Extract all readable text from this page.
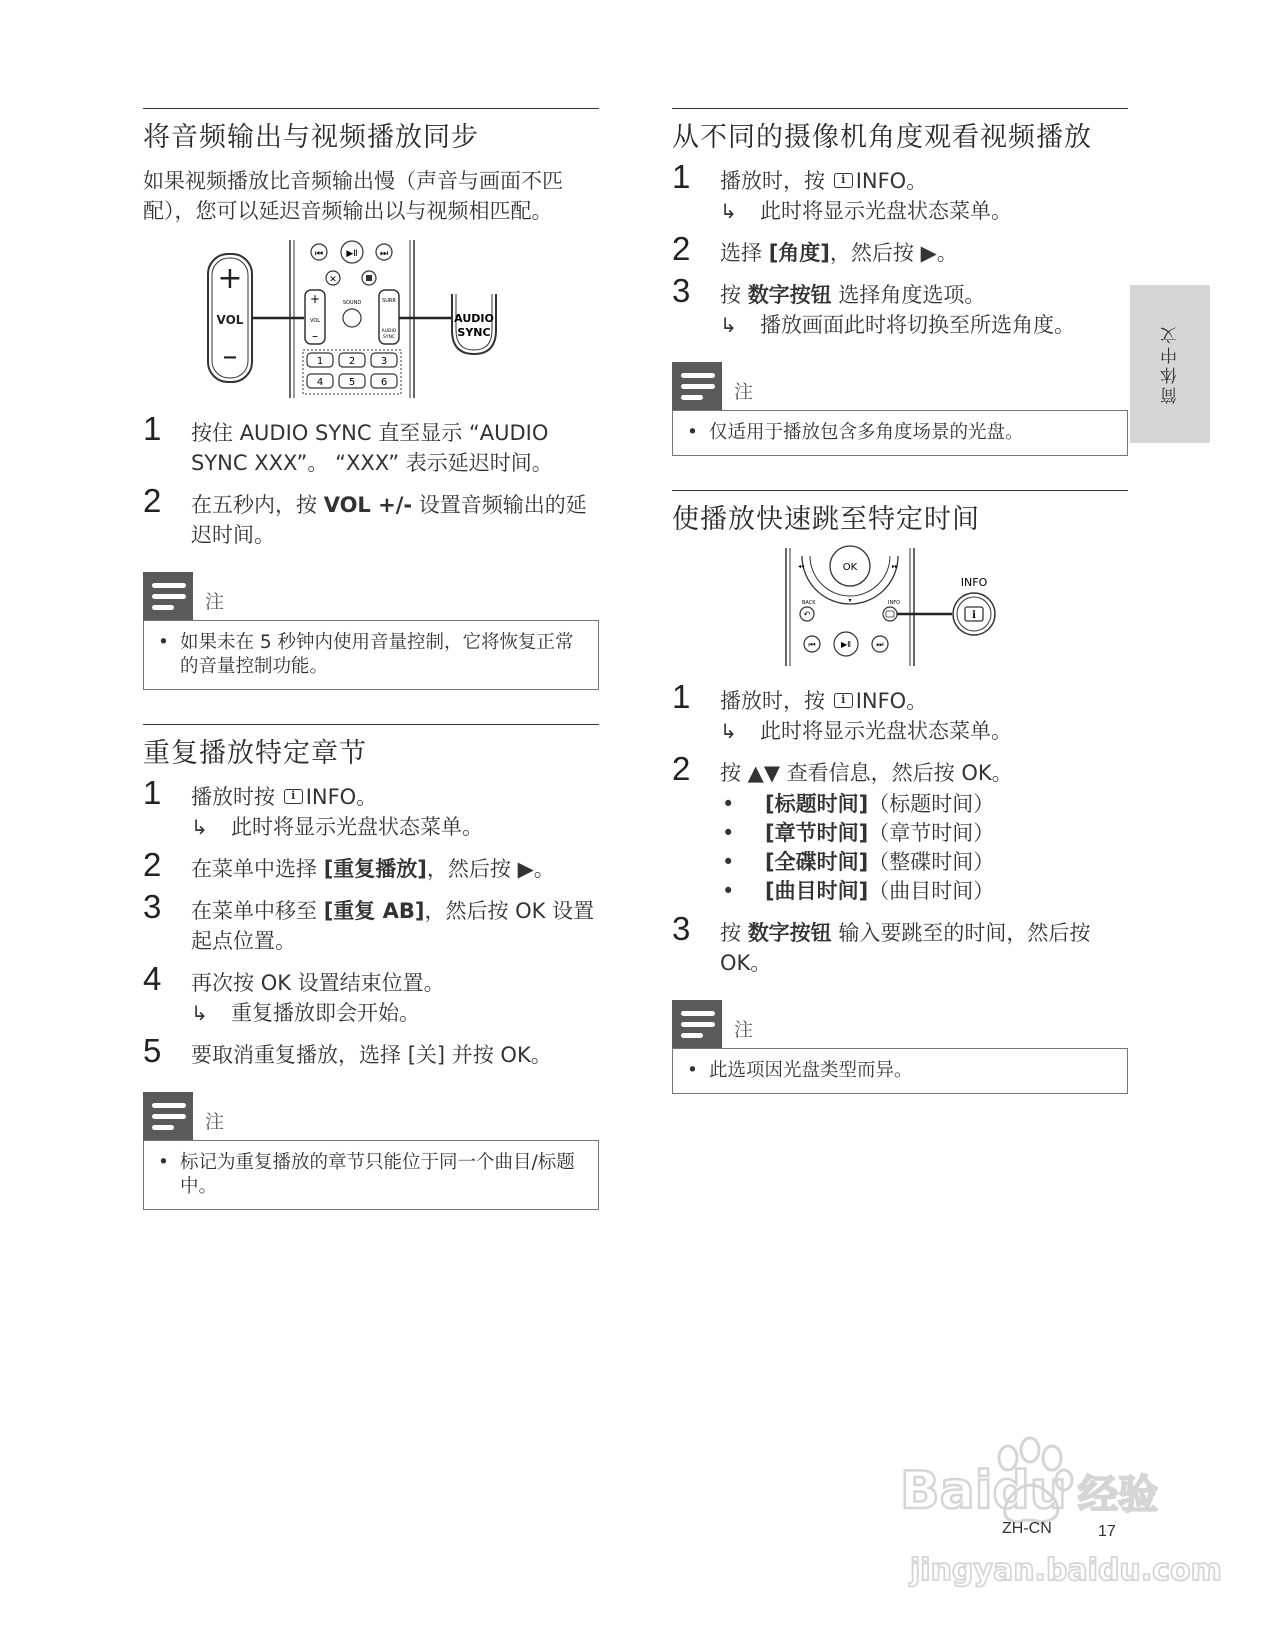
将音频输出与视频播放同步

如果视频播放比音频输出慢（声音与画面不匹配），您可以延迟音频输出以与视频相匹配。

+
VOL
–
⏮	▶Ⅱ ⏭
✕
+
VOL
–
SOUND	SURR
AUDIO
SYNC
1	2	3
4	5	6
AUDIO
SYNC
1 按住 AUDIO SYNC 直至显示 “AUDIO SYNC XXX”。 “XXX” 表示延迟时间。
2 在五秒内，按 VOL +/- 设置音频输出的延迟时间。
注
• 如果未在 5 秒钟内使用音量控制，它将恢复正常的音量控制功能。
重复播放特定章节
1 播放时按 i INFO。
↳ 此时将显示光盘状态菜单。
2 在菜单中选择 [重复播放]，然后按 ▶。
3 在菜单中移至 [重复 AB]，然后按 OK 设置起点位置。
4 再次按 OK 设置结束位置。
↳ 重复播放即会开始。
5 要取消重复播放，选择 [关] 并按 OK。
注
• 标记为重复播放的章节只能位于同一个曲目/标题中。
从不同的摄像机角度观看视频播放
1 播放时，按 i INFO。
↳ 此时将显示光盘状态菜单。
2 选择 [角度]，然后按 ▶。
3 按 数字按钮 选择角度选项。
↳ 播放画面此时将切换至所选角度。
注
• 仅适用于播放包含多角度场景的光盘。
使播放快速跳至特定时间
OK
◂◂	▸▸
▾
BACK
↶
INFO
⏮	▶Ⅱ	⏭
INFO
i
1 播放时，按 i INFO。
↳ 此时将显示光盘状态菜单。
2 按 ▲▼ 查看信息，然后按 OK。
• [标题时间]（标题时间）
• [章节时间]（章节时间）
• [全碟时间]（整碟时间）
• [曲目时间]（曲目时间）
3 按 数字按钮 输入要跳至的时间，然后按 OK。
注
• 此选项因光盘类型而异。
简体中文
Baidu 经验
jingyan.baidu.com
ZH-CN	17
